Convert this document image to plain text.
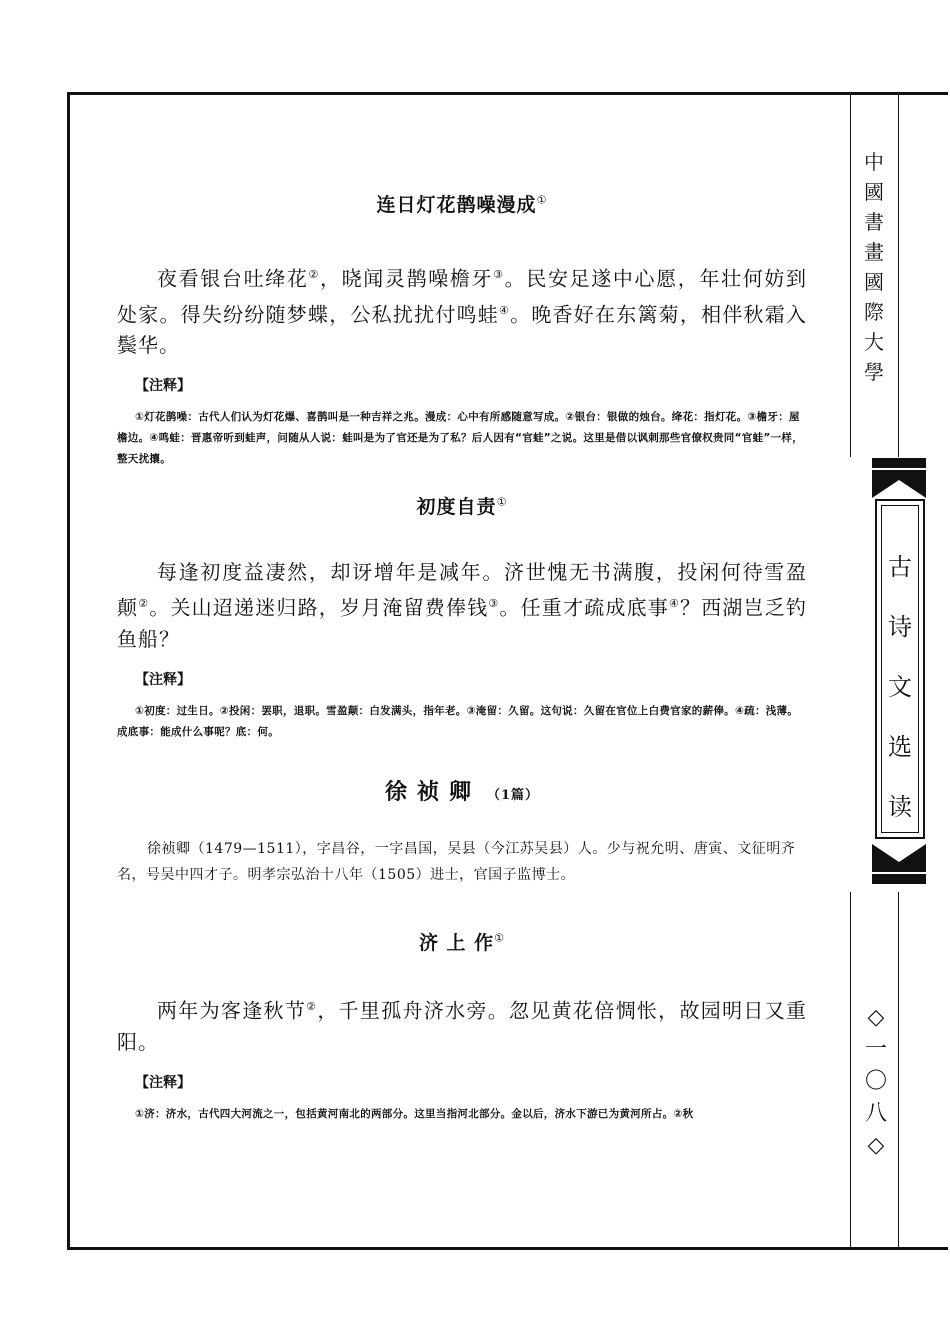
连日灯花鹊噪漫成①

夜看银台吐绛花②，晓闻灵鹊噪檐牙③。民安足遂中心愿，年壮何妨到处家。得失纷纷随梦蝶，公私扰扰付鸣蛙④。晚香好在东篱菊，相伴秋霜入鬓华。

【注释】

①灯花鹊噪：古代人们认为灯花爆、喜鹊叫是一种吉祥之兆。漫成：心中有所感随意写成。②银台：银做的烛台。绛花：指灯花。③檐牙：屋檐边。④鸣蛙：晋惠帝听到蛙声，问随从人说：蛙叫是为了官还是为了私？后人因有“官蛙”之说。这里是借以讽刺那些官僚权贵同“官蛙”一样，整天扰攘。

初度自责①

每逢初度益凄然，却讶增年是减年。济世愧无书满腹，投闲何待雪盈颠②。关山迢递迷归路，岁月淹留费俸钱③。任重才疏成底事④？西湖岂乏钓鱼船？

【注释】

①初度：过生日。②投闲：罢职，退职。雪盈颠：白发满头，指年老。③淹留：久留。这句说：久留在官位上白费官家的薪俸。④疏：浅薄。成底事：能成什么事呢？底：何。

徐祯卿 （1篇）

徐祯卿（1479—1511），字昌谷，一字昌国，吴县（今江苏吴县）人。少与祝允明、唐寅、文征明齐名，号吴中四才子。明孝宗弘治十八年（1505）进士，官国子监博士。

济 上 作①

两年为客逢秋节②，千里孤舟济水旁。忽见黄花倍惆怅，故园明日又重阳。

【注释】

①济：济水，古代四大河流之一，包括黄河南北的两部分。这里当指河北部分。金以后，济水下游已为黄河所占。②秋

中
國
書
畫
國
際
大
學
古
诗
文
选
读
◇
一
〇
八
◇
